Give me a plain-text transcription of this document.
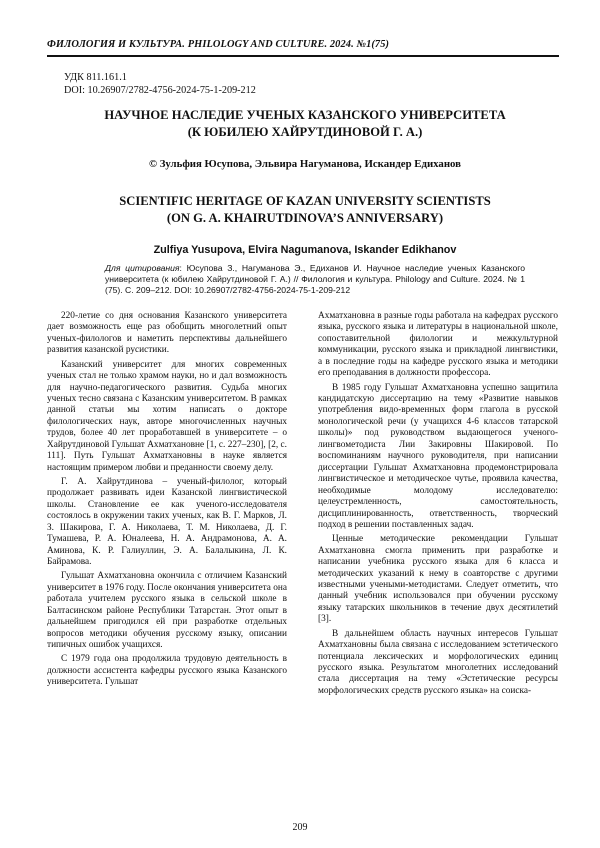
ФИЛОЛОГИЯ И КУЛЬТУРА. PHILOLOGY AND CULTURE. 2024. №1(75)
УДК 811.161.1
DOI: 10.26907/2782-4756-2024-75-1-209-212
НАУЧНОЕ НАСЛЕДИЕ УЧЕНЫХ КАЗАНСКОГО УНИВЕРСИТЕТА
(К ЮБИЛЕЮ ХАЙРУТДИНОВОЙ Г. А.)
© Зульфия Юсупова, Эльвира Нагуманова, Искандер Едиханов
SCIENTIFIC HERITAGE OF KAZAN UNIVERSITY SCIENTISTS
(ON G. A. KHAIRUTDINOVA’S ANNIVERSARY)
Zulfiya Yusupova, Elvira Nagumanova, Iskander Edikhanov
Для цитирования: Юсупова З., Нагуманова Э., Едиханов И. Научное наследие ученых Казанского университета (к юбилею Хайрутдиновой Г. А.) // Филология и культура. Philology and Culture. 2024. № 1 (75). С. 209–212. DOI: 10.26907/2782-4756-2024-75-1-209-212

220-летие со дня основания Казанского университета дает возможность еще раз обобщить многолетний опыт ученых-филологов и наметить перспективы дальнейшего развития казанской русистики.

Казанский университет для многих современных ученых стал не только храмом науки, но и дал возможность для научно-педагогического развития. Судьба многих ученых тесно связана с Казанским университетом. В рамках данной статьи мы хотим написать о докторе филологических наук, авторе многочисленных научных трудов, более 40 лет проработавшей в университете – о Хайрутдиновой Гульшат Ахматхановне [1, с. 227–230], [2, с. 111]. Путь Гульшат Ахматхановны в науке является настоящим примером любви и преданности своему делу.

Г. А. Хайрутдинова – ученый-филолог, который продолжает развивать идеи Казанской лингвистической школы. Становление ее как ученого-исследователя состоялось в окружении таких ученых, как В. Г. Марков, Л. З. Шакирова, Г. А. Николаева, Т. М. Николаева, Д. Г. Тумашева, Р. А. Юналеева, Н. А. Андрамонова, А. А. Аминова, К. Р. Галиуллин, Э. А. Балалыкина, Л. К. Байрамова.

Гульшат Ахматхановна окончила с отличием Казанский университет в 1976 году. После окончания университета она работала учителем русского языка в сельской школе в Балтасинском районе Республики Татарстан. Этот опыт в дальнейшем пригодился ей при разработке отдельных вопросов методики обучения русскому языку, описании типичных ошибок учащихся.

С 1979 года она продолжила трудовую деятельность в должности ассистента кафедры русского языка Казанского университета. Гульшат

Ахматхановна в разные годы работала на кафедрах русского языка, русского языка и литературы в национальной школе, сопоставительной филологии и межкультурной коммуникации, русского языка и прикладной лингвистики, а в последние годы на кафедре русского языка и методики его преподавания в должности профессора.

В 1985 году Гульшат Ахматхановна успешно защитила кандидатскую диссертацию на тему «Развитие навыков употребления видо-временных форм глагола в русской монологической речи (у учащихся 4-6 классов татарской школы)» под руководством выдающегося ученого-лингвометодиста Лии Закировны Шакировой. По воспоминаниям научного руководителя, при написании диссертации Гульшат Ахматхановна продемонстрировала лингвистическое и методическое чутье, проявила качества, необходимые молодому исследователю: целеустремленность, самостоятельность, дисциплинированность, ответственность, творческий подход в решении поставленных задач.

Ценные методические рекомендации Гульшат Ахматхановна смогла применить при разработке и написании учебника русского языка для 6 класса и методических указаний к нему в соавторстве с другими известными учеными-методистами. Следует отметить, что данный учебник использовался при обучении русскому языку татарских школьников в течение двух десятилетий [3].

В дальнейшем область научных интересов Гульшат Ахматхановны была связана с исследованием эстетического потенциала лексических и морфологических единиц русского языка. Результатом многолетних исследований стала диссертация на тему «Эстетические ресурсы морфологических средств русского языка» на соиска-

209
